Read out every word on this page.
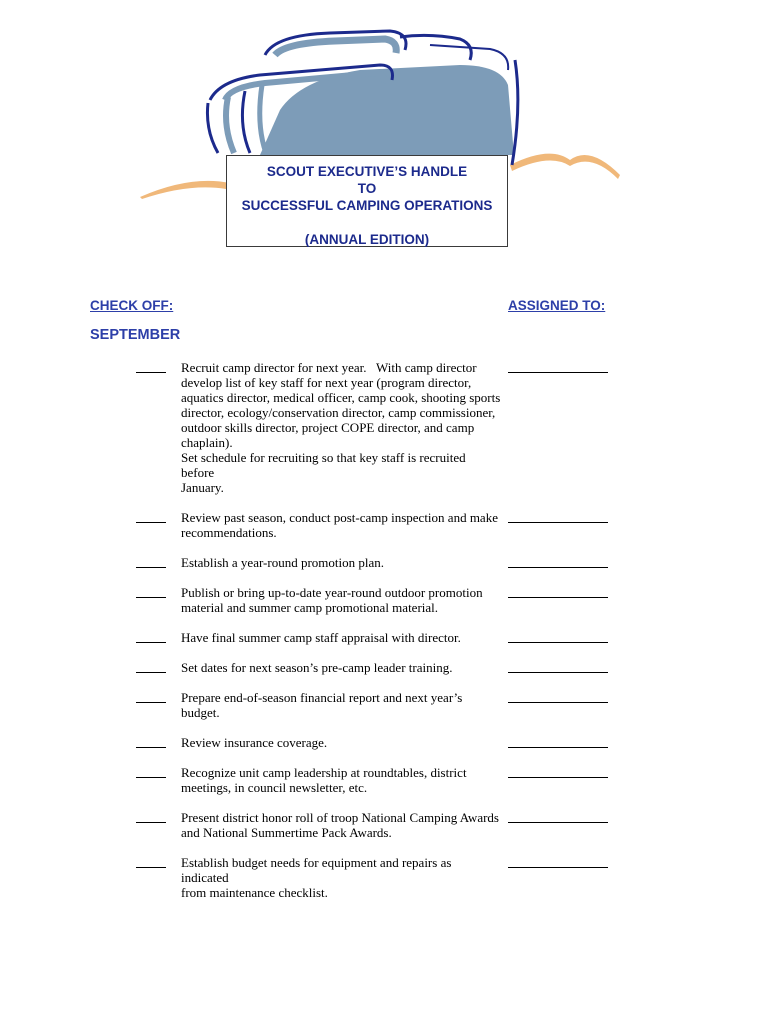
SCOUT EXECUTIVE’S HANDLE
TO
SUCCESSFUL CAMPING OPERATIONS
(ANNUAL EDITION)
CHECK OFF:	ASSIGNED TO:
SEPTEMBER
Recruit camp director for next year.   With camp director
develop list of key staff for next year (program director,
aquatics director, medical officer, camp cook, shooting sports
director, ecology/conservation director, camp commissioner,
outdoor skills director, project COPE director, and camp chaplain).
Set schedule for recruiting so that key staff is recruited before
January.
Review past season, conduct post-camp inspection and make
recommendations.
Establish a year-round promotion plan.
Publish or bring up-to-date year-round outdoor promotion
material and summer camp promotional material.
Have final summer camp staff appraisal with director.
Set dates for next season’s pre-camp leader training.
Prepare end-of-season financial report and next year’s budget.
Review insurance coverage.
Recognize unit camp leadership at roundtables, district
meetings, in council newsletter, etc.
Present district honor roll of troop National Camping Awards
and National Summertime Pack Awards.
Establish budget needs for equipment and repairs as indicated
from maintenance checklist.
